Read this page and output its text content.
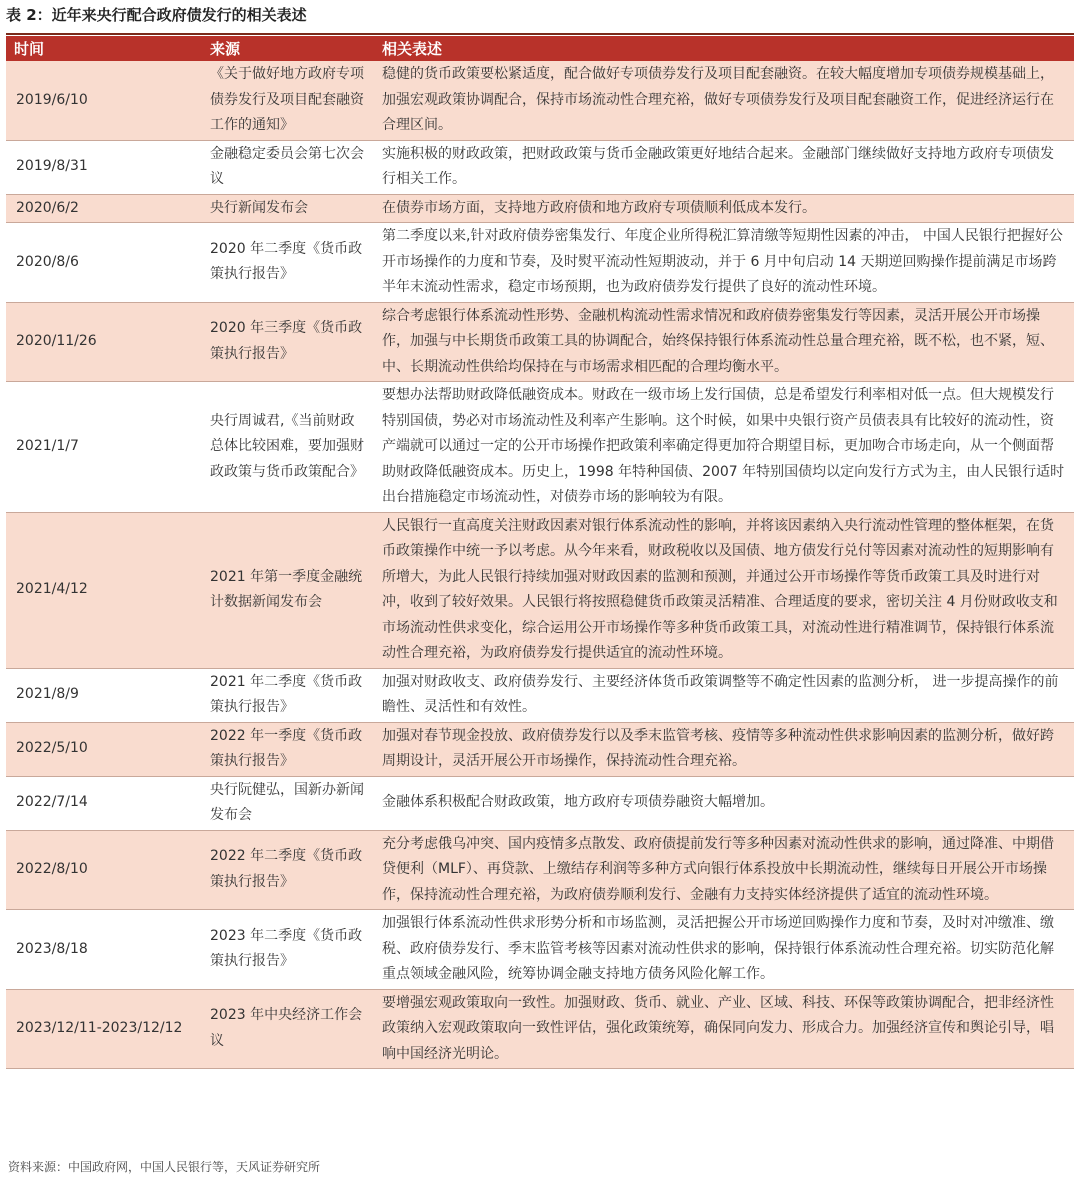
表 2：近年来央行配合政府债发行的相关表述
时间	来源	相关表述
2019/6/10	《关于做好地方政府专项债券发行及项目配套融资工作的通知》	稳健的货币政策要松紧适度，配合做好专项债券发行及项目配套融资。在较大幅度增加专项债券规模基础上，加强宏观政策协调配合，保持市场流动性合理充裕，做好专项债券发行及项目配套融资工作，促进经济运行在合理区间。
2019/8/31	金融稳定委员会第七次会议	实施积极的财政政策，把财政政策与货币金融政策更好地结合起来。金融部门继续做好支持地方政府专项债发行相关工作。
2020/6/2	央行新闻发布会	在债券市场方面，支持地方政府债和地方政府专项债顺利低成本发行。
2020/8/6	2020 年二季度《货币政策执行报告》	第二季度以来,针对政府债券密集发行、年度企业所得税汇算清缴等短期性因素的冲击， 中国人民银行把握好公开市场操作的力度和节奏，及时熨平流动性短期波动，并于 6 月中旬启动 14 天期逆回购操作提前满足市场跨半年末流动性需求，稳定市场预期，也为政府债券发行提供了良好的流动性环境。
2020/11/26	2020 年三季度《货币政策执行报告》	综合考虑银行体系流动性形势、金融机构流动性需求情况和政府债券密集发行等因素，灵活开展公开市场操作，加强与中长期货币政策工具的协调配合，始终保持银行体系流动性总量合理充裕，既不松，也不紧，短、中、长期流动性供给均保持在与市场需求相匹配的合理均衡水平。
2021/1/7	央行周诚君,《当前财政总体比较困难，要加强财政政策与货币政策配合》	要想办法帮助财政降低融资成本。财政在一级市场上发行国债，总是希望发行利率相对低一点。但大规模发行特别国债，势必对市场流动性及利率产生影响。这个时候，如果中央银行资产员债表具有比较好的流动性，资产端就可以通过一定的公开市场操作把政策利率确定得更加符合期望目标，更加吻合市场走向，从一个侧面帮助财政降低融资成本。历史上，1998 年特种国债、2007 年特别国债均以定向发行方式为主，由人民银行适时出台措施稳定市场流动性，对债券市场的影响较为有限。
2021/4/12	2021 年第一季度金融统计数据新闻发布会	人民银行一直高度关注财政因素对银行体系流动性的影响，并将该因素纳入央行流动性管理的整体框架，在货币政策操作中统一予以考虑。从今年来看，财政税收以及国债、地方债发行兑付等因素对流动性的短期影响有所增大，为此人民银行持续加强对财政因素的监测和预测，并通过公开市场操作等货币政策工具及时进行对冲，收到了较好效果。人民银行将按照稳健货币政策灵活精准、合理适度的要求，密切关注 4 月份财政收支和市场流动性供求变化，综合运用公开市场操作等多种货币政策工具，对流动性进行精准调节，保持银行体系流动性合理充裕，为政府债券发行提供适宜的流动性环境。
2021/8/9	2021 年二季度《货币政策执行报告》	加强对财政收支、政府债券发行、主要经济体货币政策调整等不确定性因素的监测分析， 进一步提高操作的前瞻性、灵活性和有效性。
2022/5/10	2022 年一季度《货币政策执行报告》	加强对春节现金投放、政府债券发行以及季末监管考核、疫情等多种流动性供求影响因素的监测分析，做好跨周期设计，灵活开展公开市场操作，保持流动性合理充裕。
2022/7/14	央行阮健弘，国新办新闻发布会	金融体系积极配合财政政策，地方政府专项债券融资大幅增加。
2022/8/10	2022 年二季度《货币政策执行报告》	充分考虑俄乌冲突、国内疫情多点散发、政府债提前发行等多种因素对流动性供求的影响，通过降准、中期借贷便利（MLF）、再贷款、上缴结存利润等多种方式向银行体系投放中长期流动性，继续每日开展公开市场操作，保持流动性合理充裕，为政府债券顺利发行、金融有力支持实体经济提供了适宜的流动性环境。
2023/8/18	2023 年二季度《货币政策执行报告》	加强银行体系流动性供求形势分析和市场监测，灵活把握公开市场逆回购操作力度和节奏，及时对冲缴准、缴税、政府债券发行、季末监管考核等因素对流动性供求的影响，保持银行体系流动性合理充裕。切实防范化解重点领域金融风险，统筹协调金融支持地方债务风险化解工作。
2023/12/11-2023/12/12	2023 年中央经济工作会议	要增强宏观政策取向一致性。加强财政、货币、就业、产业、区域、科技、环保等政策协调配合，把非经济性政策纳入宏观政策取向一致性评估，强化政策统筹，确保同向发力、形成合力。加强经济宣传和舆论引导，唱响中国经济光明论。
资料来源：中国政府网，中国人民银行等，天风证券研究所
